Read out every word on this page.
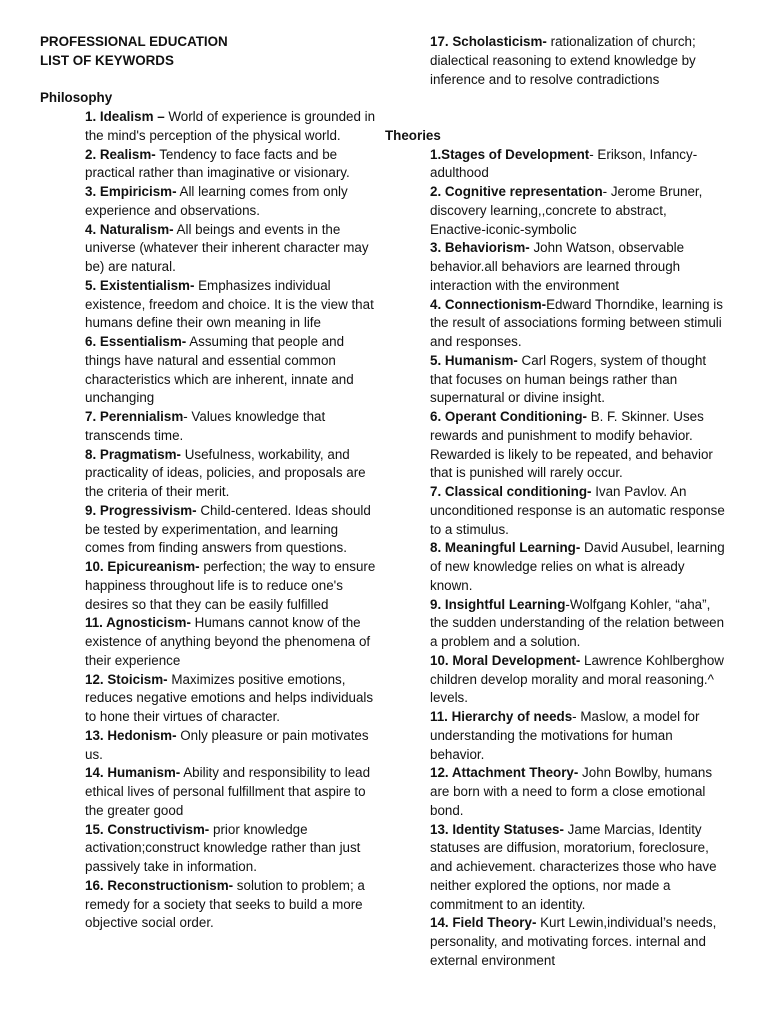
PROFESSIONAL EDUCATION

LIST OF KEYWORDS

Philosophy

1. Idealism – World of experience is grounded in the mind's perception of the physical world.
2. Realism- Tendency to face facts and be practical rather than imaginative or visionary.
3. Empiricism- All learning comes from only experience and observations.
4. Naturalism- All beings and events in the universe (whatever their inherent character may be) are natural.
5. Existentialism- Emphasizes individual existence, freedom and choice. It is the view that humans define their own meaning in life
6. Essentialism- Assuming that people and things have natural and essential common characteristics which are inherent, innate and unchanging
7. Perennialism- Values knowledge that transcends time.
8. Pragmatism- Usefulness, workability, and practicality of ideas, policies, and proposals are the criteria of their merit.
9. Progressivism- Child-centered. Ideas should be tested by experimentation, and learning comes from finding answers from questions.
10. Epicureanism- perfection; the way to ensure happiness throughout life is to reduce one's desires so that they can be easily fulfilled
11. Agnosticism- Humans cannot know of the existence of anything beyond the phenomena of their experience
12. Stoicism- Maximizes positive emotions, reduces negative emotions and helps individuals to hone their virtues of character.
13. Hedonism- Only pleasure or pain motivates us.
14. Humanism- Ability and responsibility to lead ethical lives of personal fulfillment that aspire to the greater good
15. Constructivism- prior knowledge activation;construct knowledge rather than just passively take in information.
16. Reconstructionism- solution to problem; a remedy for a society that seeks to build a more objective social order.
17. Scholasticism- rationalization of church; dialectical reasoning to extend knowledge by inference and to resolve contradictions

Theories

1.Stages of Development- Erikson, Infancy-adulthood
2. Cognitive representation- Jerome Bruner, discovery learning,,concrete to abstract, Enactive-iconic-symbolic
3. Behaviorism- John Watson, observable behavior.all behaviors are learned through interaction with the environment
4. Connectionism-Edward Thorndike, learning is the result of associations forming between stimuli and responses.
5. Humanism- Carl Rogers, system of thought that focuses on human beings rather than supernatural or divine insight.
6. Operant Conditioning- B. F. Skinner. Uses rewards and punishment to modify behavior. Rewarded is likely to be repeated, and behavior that is punished will rarely occur.
7. Classical conditioning- Ivan Pavlov. An unconditioned response is an automatic response to a stimulus.
8. Meaningful Learning- David Ausubel, learning of new knowledge relies on what is already known.
9. Insightful Learning-Wolfgang Kohler, “aha”, the sudden understanding of the relation between a problem and a solution.
10. Moral Development- Lawrence Kohlberghow children develop morality and moral reasoning.^ levels.
11. Hierarchy of needs- Maslow, a model for understanding the motivations for human behavior.
12. Attachment Theory- John Bowlby, humans are born with a need to form a close emotional bond.
13. Identity Statuses- Jame Marcias, Identity statuses are diffusion, moratorium, foreclosure, and achievement. characterizes those who have neither explored the options, nor made a commitment to an identity.
14. Field Theory- Kurt Lewin,individual’s needs, personality, and motivating forces. internal and external environment
